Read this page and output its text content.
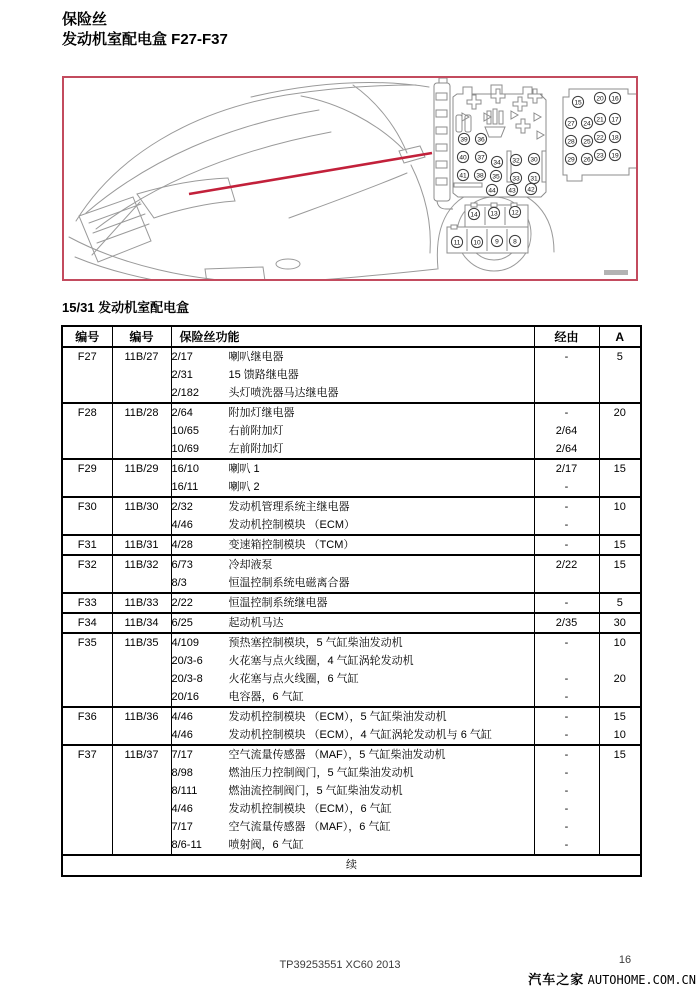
保险丝
发动机室配电盒 F27-F37
39 36
40 37
34
41 38 35
32 30
33 31
44 43 42
15
20 16
27 24
21 17
28 25
22 18
29 26
23 19
14 13 12
11 10 9 8
15/31 发动机室配电盒
编号	编号	保险丝功能	经由	A
F27	11B/27	2/17 喇叭继电器	-	5
		2/31 15 馈路继电器		
		2/182 头灯喷洗器马达继电器		
F28	11B/28	2/64 附加灯继电器	-	20
		10/65 右前附加灯	2/64	
		10/69 左前附加灯	2/64	
F29	11B/29	16/10 喇叭 1	2/17	15
		16/11 喇叭 2	-	
F30	11B/30	2/32 发动机管理系统主继电器	-	10
		4/46 发动机控制模块 （ECM）	-	
F31	11B/31	4/28 变速箱控制模块 （TCM）	-	15
F32	11B/32	6/73 冷却液泵	2/22	15
		8/3 恒温控制系统电磁离合器		
F33	11B/33	2/22 恒温控制系统继电器	-	5
F34	11B/34	6/25 起动机马达	2/35	30
F35	11B/35	4/109 预热塞控制模块，5 气缸柴油发动机	-	10
		20/3-6 火花塞与点火线圈，4 气缸涡轮发动机		
		20/3-8 火花塞与点火线圈，6 气缸	-	20
		20/16 电容器，6 气缸	-	
F36	11B/36	4/46 发动机控制模块 （ECM），5 气缸柴油发动机	-	15
		4/46 发动机控制模块 （ECM），4 气缸涡轮发动机与 6 气缸	-	10
F37	11B/37	7/17 空气流量传感器 （MAF），5 气缸柴油发动机	-	15
		8/98 燃油压力控制阀门，5 气缸柴油发动机	-	
		8/111 燃油流控制阀门，5 气缸柴油发动机	-	
		4/46 发动机控制模块 （ECM），6 气缸	-	
		7/17 空气流量传感器 （MAF），6 气缸	-	
		8/6-11 喷射阀，6 气缸	-	
续				
TP39253551 XC60 2013	16
汽车之家 AUTOHOME.COM.CN
